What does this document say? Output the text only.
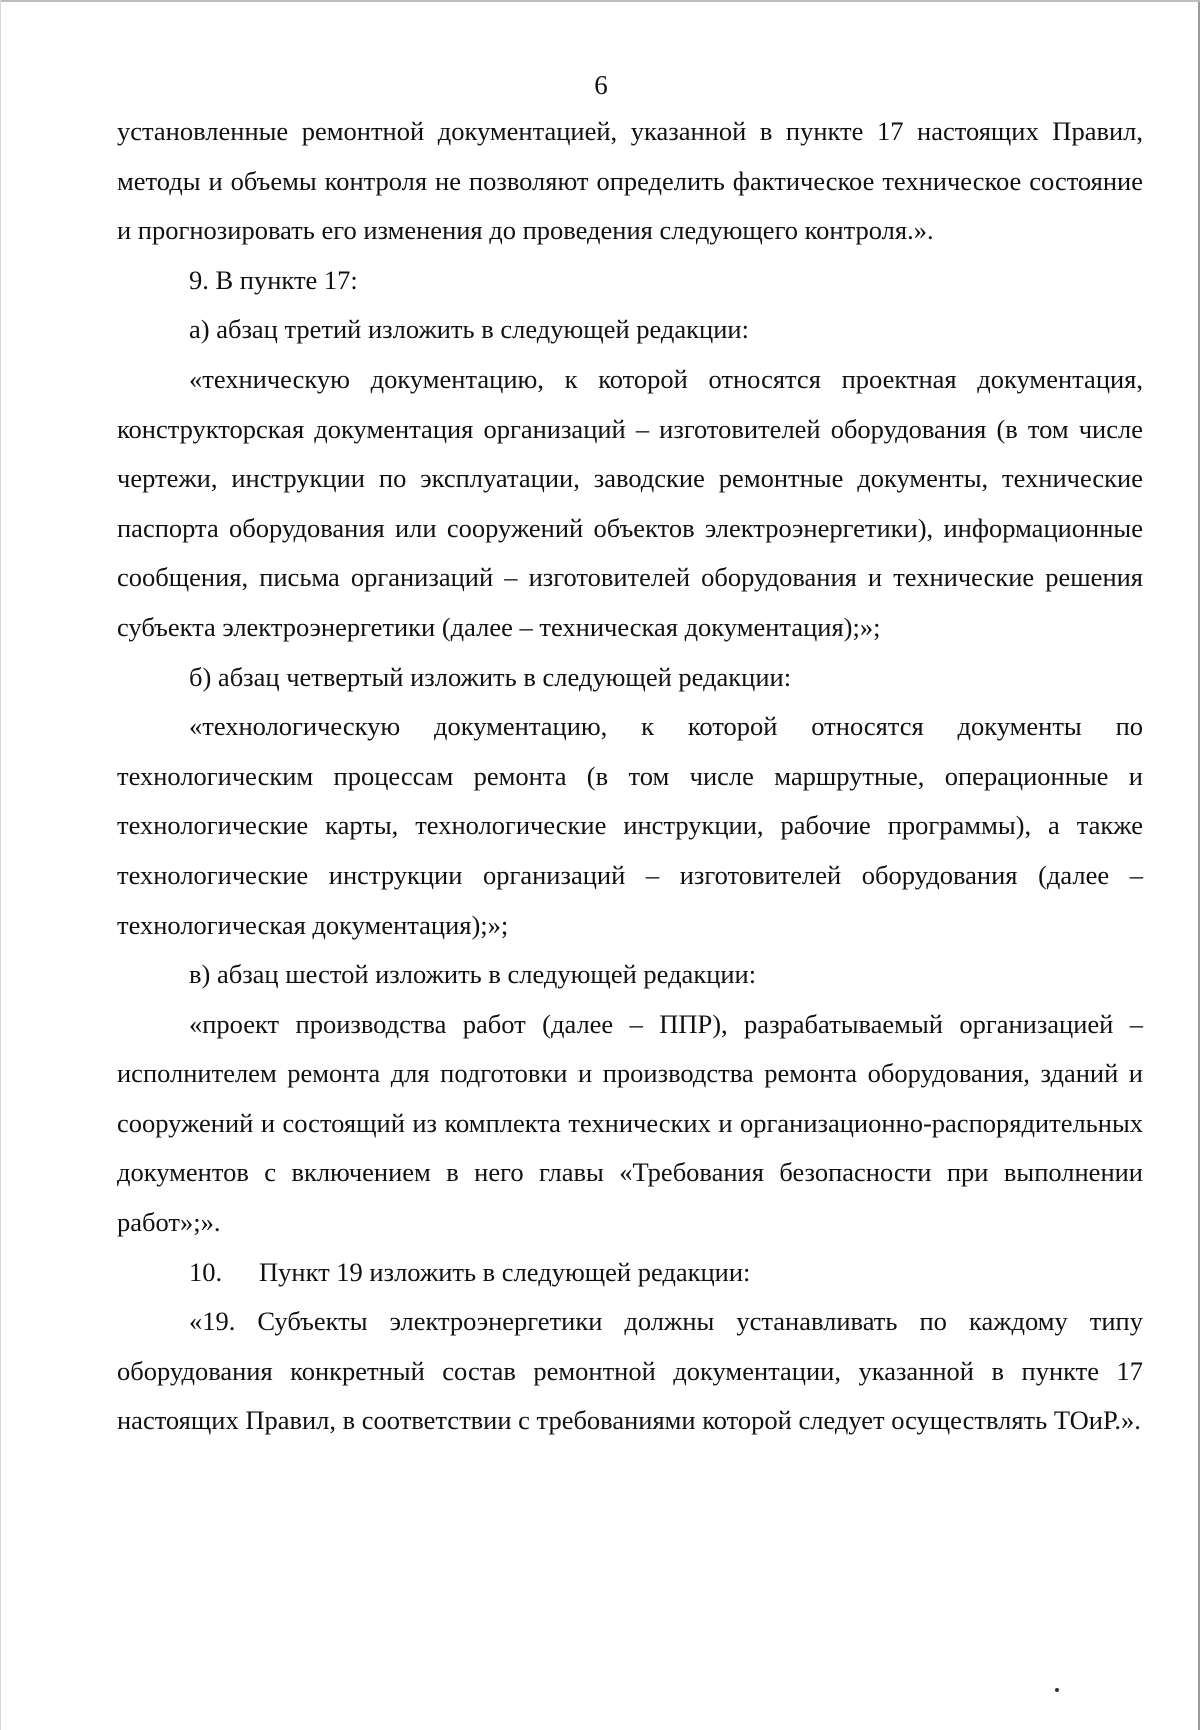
6

установленные ремонтной документацией, указанной в пункте 17 настоящих Правил, методы и объемы контроля не позволяют определить фактическое техническое состояние и прогнозировать его изменения до проведения следующего контроля.».

9. В пункте 17:

а) абзац третий изложить в следующей редакции:

«техническую документацию, к которой относятся проектная документация, конструкторская документация организаций – изготовителей оборудования (в том числе чертежи, инструкции по эксплуатации, заводские ремонтные документы, технические паспорта оборудования или сооружений объектов электроэнергетики), информационные сообщения, письма организаций – изготовителей оборудования и технические решения субъекта электроэнергетики (далее – техническая документация);»;

б) абзац четвертый изложить в следующей редакции:

«технологическую документацию, к которой относятся документы по технологическим процессам ремонта (в том числе маршрутные, операционные и технологические карты, технологические инструкции, рабочие программы), а также технологические инструкции организаций – изготовителей оборудования (далее – технологическая документация);»;

в) абзац шестой изложить в следующей редакции:

«проект производства работ (далее – ППР), разрабатываемый организацией – исполнителем ремонта для подготовки и производства ремонта оборудования, зданий и сооружений и состоящий из комплекта технических и организационно-распорядительных документов с включением в него главы «Требования безопасности при выполнении работ»;».

10. Пункт 19 изложить в следующей редакции:

«19. Субъекты электроэнергетики должны устанавливать по каждому типу оборудования конкретный состав ремонтной документации, указанной в пункте 17 настоящих Правил, в соответствии с требованиями которой следует осуществлять ТОиР.».
